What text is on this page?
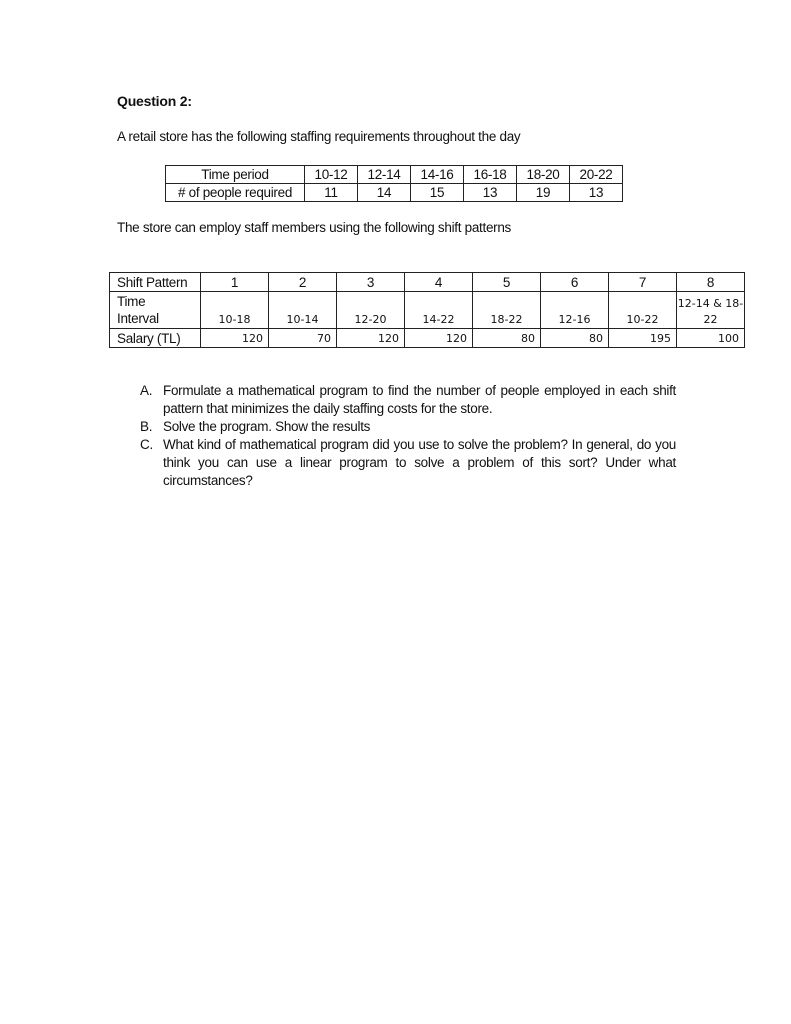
Question 2:
A retail store has the following staffing requirements throughout the day
Time period	10-12	12-14	14-16	16-18	18-20	20-22
# of people required	11	14	15	13	19	13
The store can employ staff members using the following shift patterns
Shift Pattern	1	2	3	4	5	6	7	8

Time
Interval	10-18	10-14	12-20	14-22	18-22	12-16	10-22	12-14 & 18-22
Salary (TL)	120	70	120	120	80	80	195	100
A. Formulate a mathematical program to find the number of people employed in each shift pattern that minimizes the daily staffing costs for the store.
B. Solve the program. Show the results
C. What kind of mathematical program did you use to solve the problem? In general, do you think you can use a linear program to solve a problem of this sort? Under what circumstances?
